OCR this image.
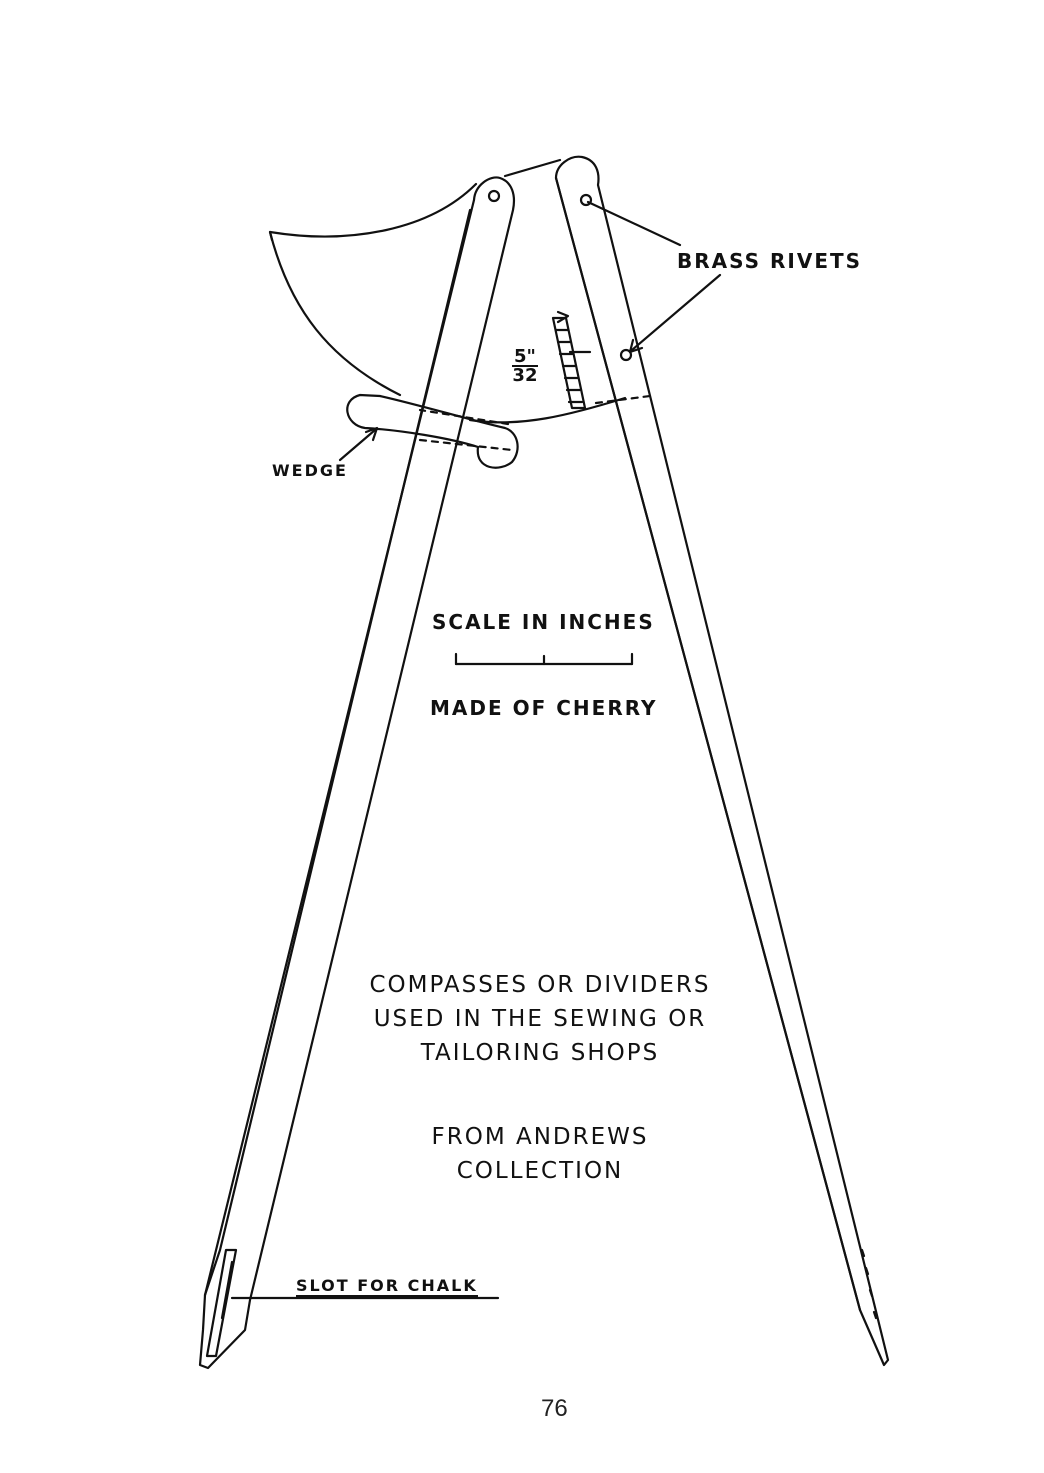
BRASS RIVETS
WEDGE
$\frac{5"}{32}$
SCALE IN INCHES
MADE OF CHERRY
COMPASSES OR DIVIDERS
USED IN THE SEWING OR
TAILORING SHOPS
FROM ANDREWS
COLLECTION
SLOT FOR CHALK
76
